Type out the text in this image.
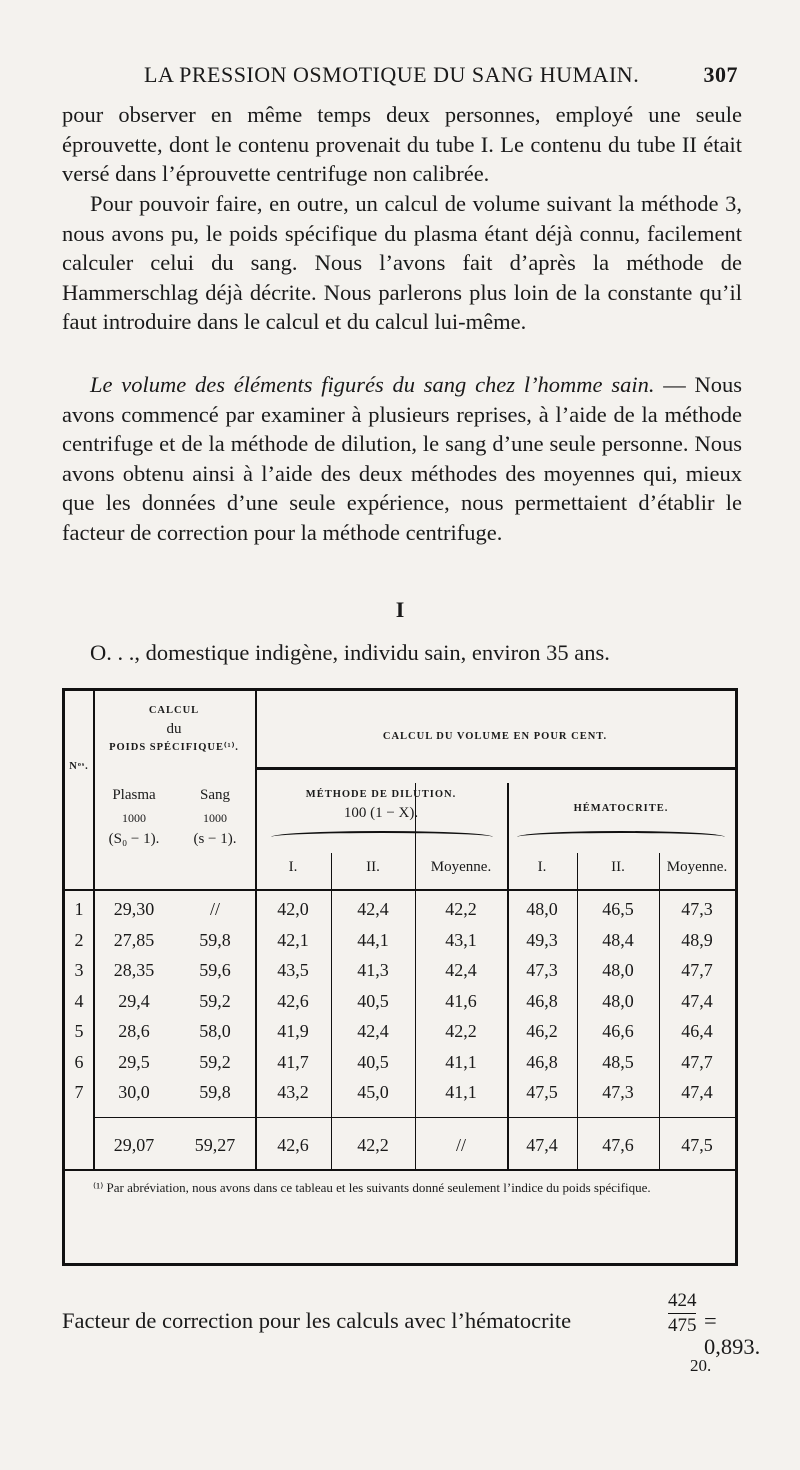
LA PRESSION OSMOTIQUE DU SANG HUMAIN.	307
pour observer en même temps deux personnes, employé une seule éprouvette, dont le contenu provenait du tube I. Le contenu du tube II était versé dans l’éprouvette centrifuge non calibrée.
Pour pouvoir faire, en outre, un calcul de volume suivant la méthode 3, nous avons pu, le poids spécifique du plasma étant déjà connu, facilement calculer celui du sang. Nous l’avons fait d’après la méthode de Hammerschlag déjà décrite. Nous parlerons plus loin de la constante qu’il faut introduire dans le calcul et du calcul lui-même.
Le volume des éléments figurés du sang chez l’homme sain. — Nous avons commencé par examiner à plusieurs reprises, à l’aide de la méthode centrifuge et de la méthode de dilution, le sang d’une seule personne. Nous avons obtenu ainsi à l’aide des deux méthodes des moyennes qui, mieux que les données d’une seule expérience, nous permettaient d’établir le facteur de correction pour la méthode centrifuge.
I
O. . ., domestique indigène, individu sain, environ 35 ans.
Nᵒˢ.
CALCUL
du
POIDS SPÉCIFIQUE⁽¹⁾.
CALCUL DU VOLUME EN POUR CENT.
Plasma
1000
(S₀ − 1).
Sang
1000
(s − 1).
MÉTHODE DE DILUTION.
100 (1 − X).	HÉMATOCRITE.
I.	II.	Moyenne.	I.	II.	Moyenne.
1	29,30	//	42,0	42,4	42,2	48,0	46,5	47,3
2	27,85	59,8	42,1	44,1	43,1	49,3	48,4	48,9
3	28,35	59,6	43,5	41,3	42,4	47,3	48,0	47,7
4	29,4	59,2	42,6	40,5	41,6	46,8	48,0	47,4
5	28,6	58,0	41,9	42,4	42,2	46,2	46,6	46,4
6	29,5	59,2	41,7	40,5	41,1	46,8	48,5	47,7
7	30,0	59,8	43,2	45,0	41,1	47,5	47,3	47,4
29,07	59,27	42,6	42,2	//	47,4	47,6	47,5
⁽¹⁾ Par abréviation, nous avons dans ce tableau et les suivants donné seulement l’indice du poids spécifique.
Facteur de correction pour les calculs avec l’hématocrite
424
475 = 0,893.
20.
